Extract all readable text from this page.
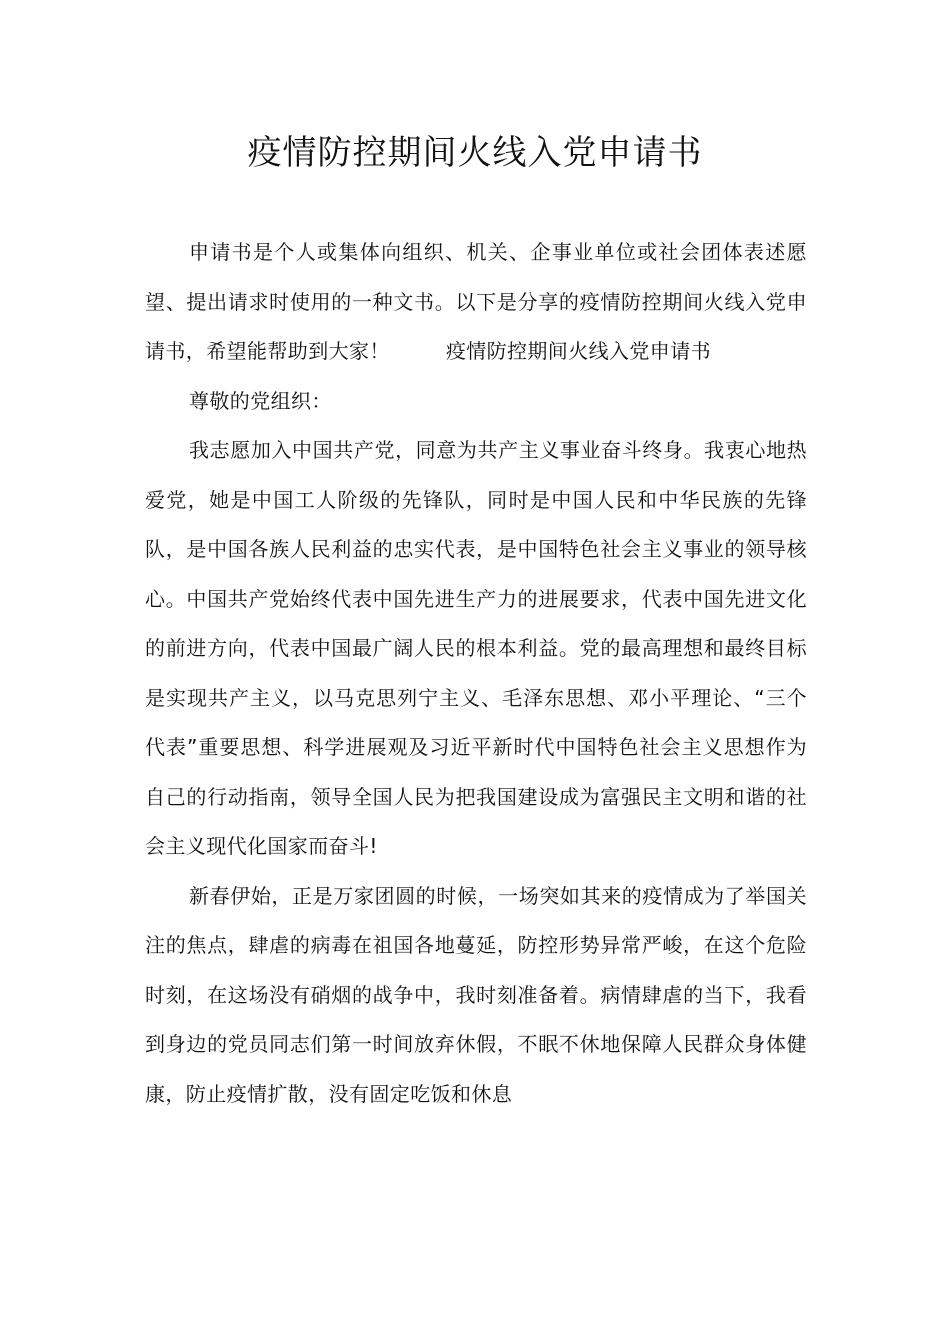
疫情防控期间火线入党申请书

申请书是个人或集体向组织、机关、企事业单位或社会团体表述愿望、提出请求时使用的一种文书。以下是分享的疫情防控期间火线入党申请书，希望能帮助到大家！	疫情防控期间火线入党申请书

尊敬的党组织：

我志愿加入中国共产党，同意为共产主义事业奋斗终身。我衷心地热爱党，她是中国工人阶级的先锋队，同时是中国人民和中华民族的先锋队，是中国各族人民利益的忠实代表，是中国特色社会主义事业的领导核心。中国共产党始终代表中国先进生产力的进展要求，代表中国先进文化的前进方向，代表中国最广阔人民的根本利益。党的最高理想和最终目标是实现共产主义，以马克思列宁主义、毛泽东思想、邓小平理论、“三个代表”重要思想、科学进展观及习近平新时代中国特色社会主义思想作为自己的行动指南，领导全国人民为把我国建设成为富强民主文明和谐的社会主义现代化国家而奋斗!

新春伊始，正是万家团圆的时候，一场突如其来的疫情成为了举国关注的焦点，肆虐的病毒在祖国各地蔓延，防控形势异常严峻，在这个危险时刻，在这场没有硝烟的战争中，我时刻准备着。病情肆虐的当下，我看到身边的党员同志们第一时间放弃休假，不眠不休地保障人民群众身体健康，防止疫情扩散，没有固定吃饭和休息
